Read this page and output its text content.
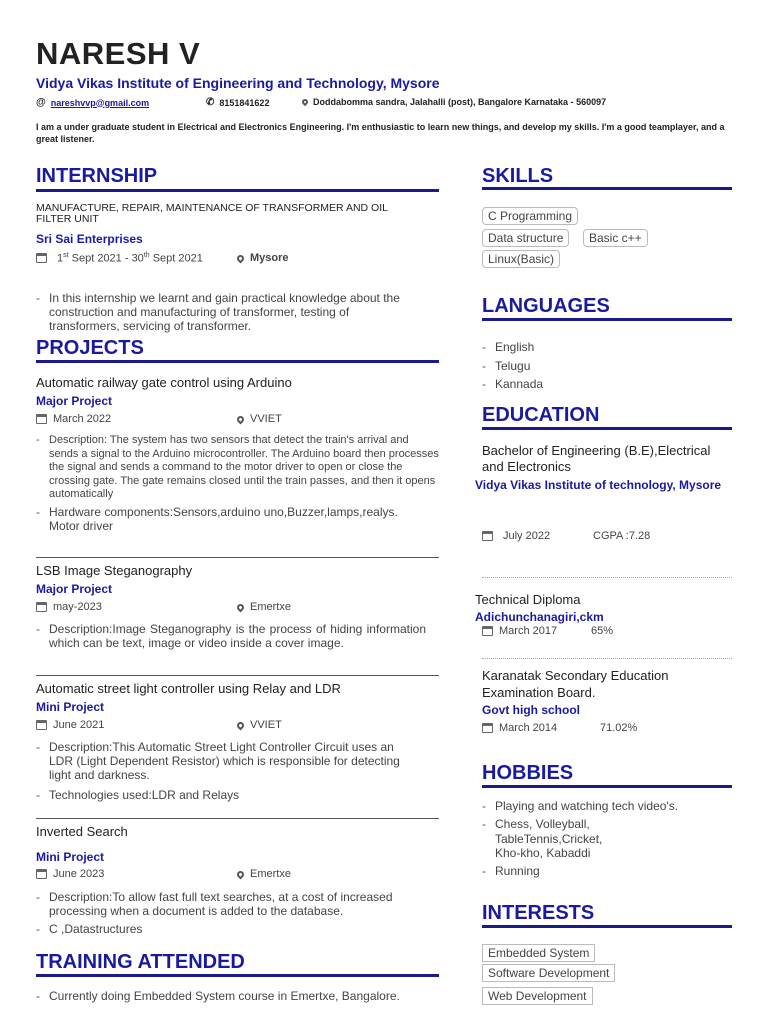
NARESH V
Vidya Vikas Institute of Engineering and Technology, Mysore
@ nareshvvp@gmail.com	✆ 8151841622	Doddabomma sandra, Jalahalli (post), Bangalore Karnataka - 560097
I am a under graduate student in Electrical and Electronics Engineering. I'm enthusiastic to learn new things, and develop my skills. I'm a good teamplayer, and a great listener.
INTERNSHIP
MANUFACTURE, REPAIR, MAINTENANCE OF TRANSFORMER AND OIL FILTER UNIT
Sri Sai Enterprises
1st Sept 2021 - 30th Sept 2021	Mysore
- In this internship we learnt and gain practical knowledge about the construction and manufacturing of transformer, testing of transformers, servicing of transformer.
PROJECTS
Automatic railway gate control using Arduino
Major Project
March 2022	VVIET
- Description: The system has two sensors that detect the train's arrival and sends a signal to the Arduino microcontroller. The Arduino board then processes the signal and sends a command to the motor driver to open or close the crossing gate. The gate remains closed until the train passes, and then it opens automatically
- Hardware components:Sensors,arduino uno,Buzzer,lamps,realys. Motor driver
LSB Image Steganography
Major Project
may-2023	Emertxe
- Description:Image Steganography is the process of hiding information which can be text, image or video inside a cover image.
Automatic street light controller using Relay and LDR
Mini Project
June 2021	VVIET
- Description:This Automatic Street Light Controller Circuit uses an LDR (Light Dependent Resistor) which is responsible for detecting light and darkness.
- Technologies used:LDR and Relays
Inverted Search
Mini Project
June 2023	Emertxe
- Description:To allow fast full text searches, at a cost of increased processing when a document is added to the database.
- C ,Datastructures
TRAINING ATTENDED
- Currently doing Embedded System course in Emertxe, Bangalore.
SKILLS
C Programming
Data structure	Basic c++
Linux(Basic)
LANGUAGES
- English
- Telugu
- Kannada
EDUCATION
Bachelor of Engineering (B.E),Electrical and Electronics
Vidya Vikas Institute of technology, Mysore
July 2022	CGPA :7.28
Technical Diploma
Adichunchanagiri,ckm
March 2017	65%
Karanatak Secondary Education Examination Board.
Govt high school
March 2014	71.02%
HOBBIES
- Playing and watching tech video's.
- Chess, Volleyball, TableTennis,Cricket, Kho-kho, Kabaddi
- Running
INTERESTS
Embedded System
Software Development
Web Development
